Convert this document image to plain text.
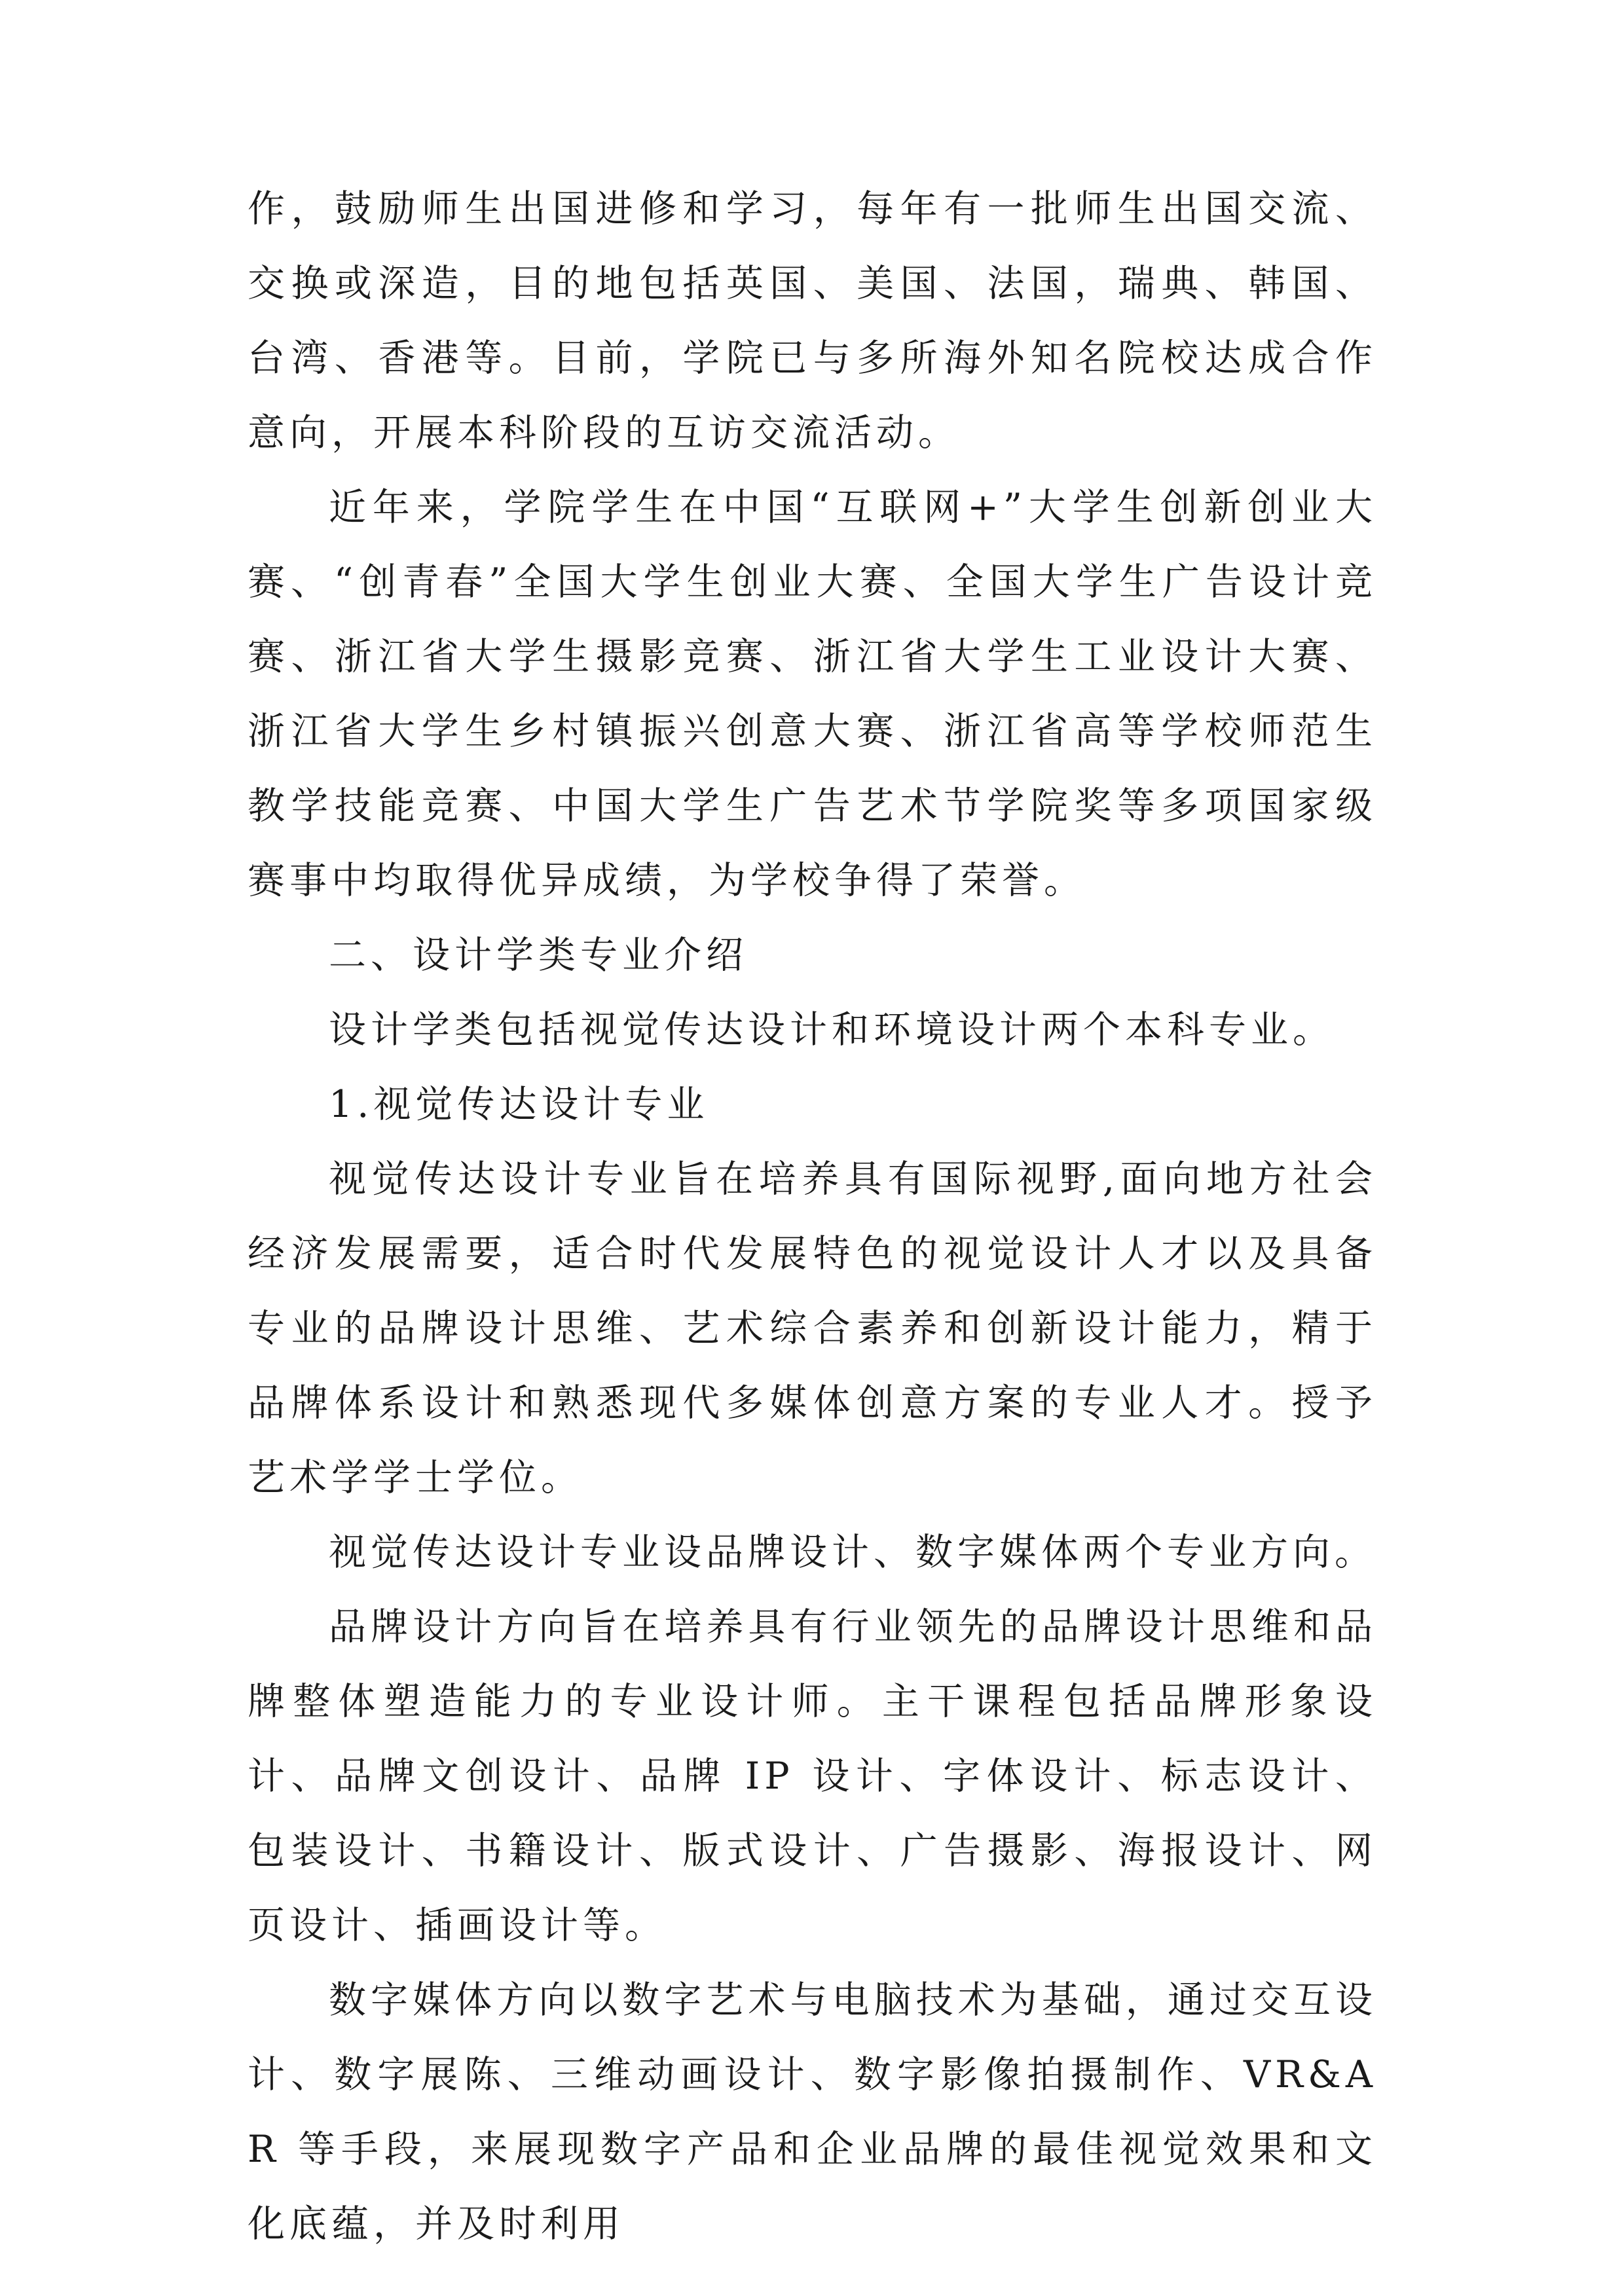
作，鼓励师生出国进修和学习，每年有一批师生出国交流、交换或深造，目的地包括英国、美国、法国，瑞典、韩国、台湾、香港等。目前，学院已与多所海外知名院校达成合作意向，开展本科阶段的互访交流活动。

近年来，学院学生在中国“互联网+”大学生创新创业大赛、“创青春”全国大学生创业大赛、全国大学生广告设计竞赛、浙江省大学生摄影竞赛、浙江省大学生工业设计大赛、浙江省大学生乡村镇振兴创意大赛、浙江省高等学校师范生教学技能竞赛、中国大学生广告艺术节学院奖等多项国家级赛事中均取得优异成绩，为学校争得了荣誉。

二、设计学类专业介绍

设计学类包括视觉传达设计和环境设计两个本科专业。

1.视觉传达设计专业

视觉传达设计专业旨在培养具有国际视野,面向地方社会经济发展需要，适合时代发展特色的视觉设计人才以及具备专业的品牌设计思维、艺术综合素养和创新设计能力，精于品牌体系设计和熟悉现代多媒体创意方案的专业人才。授予艺术学学士学位。

视觉传达设计专业设品牌设计、数字媒体两个专业方向。

品牌设计方向旨在培养具有行业领先的品牌设计思维和品牌整体塑造能力的专业设计师。主干课程包括品牌形象设计、品牌文创设计、品牌 IP 设计、字体设计、标志设计、包装设计、书籍设计、版式设计、广告摄影、海报设计、网页设计、插画设计等。

数字媒体方向以数字艺术与电脑技术为基础，通过交互设计、数字展陈、三维动画设计、数字影像拍摄制作、VR&AR 等手段，来展现数字产品和企业品牌的最佳视觉效果和文化底蕴，并及时利用
